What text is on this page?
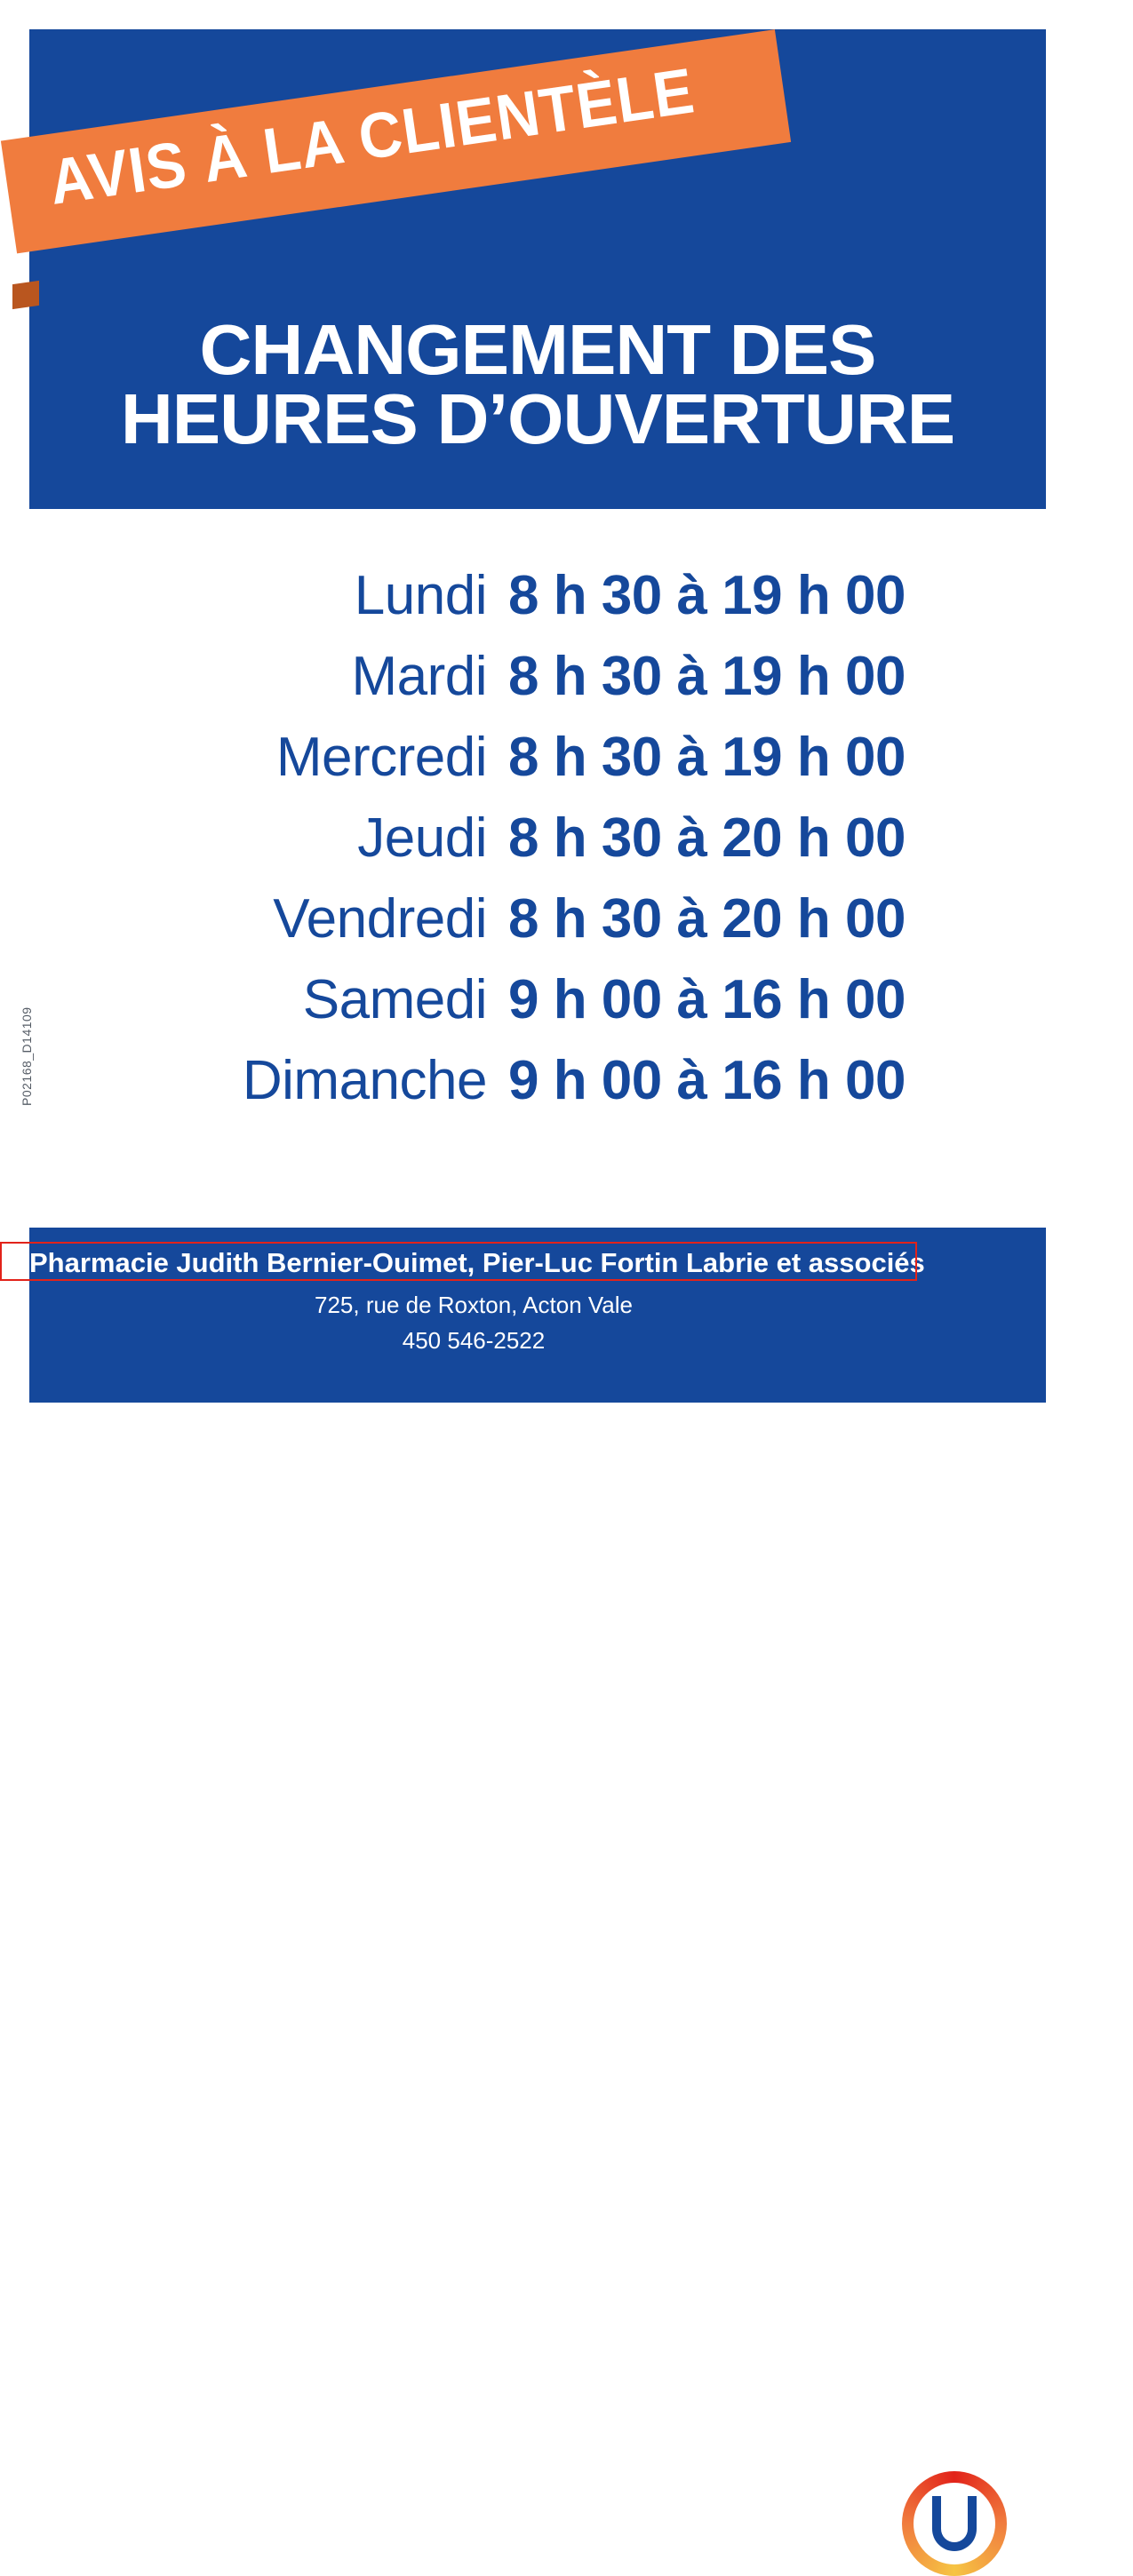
AVIS À LA CLIENTÈLE
CHANGEMENT DES
HEURES D’OUVERTURE
Lundi 8 h 30 à 19 h 00
Mardi 8 h 30 à 19 h 00
Mercredi 8 h 30 à 19 h 00
Jeudi 8 h 30 à 20 h 00
Vendredi 8 h 30 à 20 h 00
Samedi 9 h 00 à 16 h 00
Dimanche 9 h 00 à 16 h 00
P02168_D14109
Pharmacie Judith Bernier-Ouimet, Pier-Luc Fortin Labrie et associés
725, rue de Roxton, Acton Vale
450 546-2522
